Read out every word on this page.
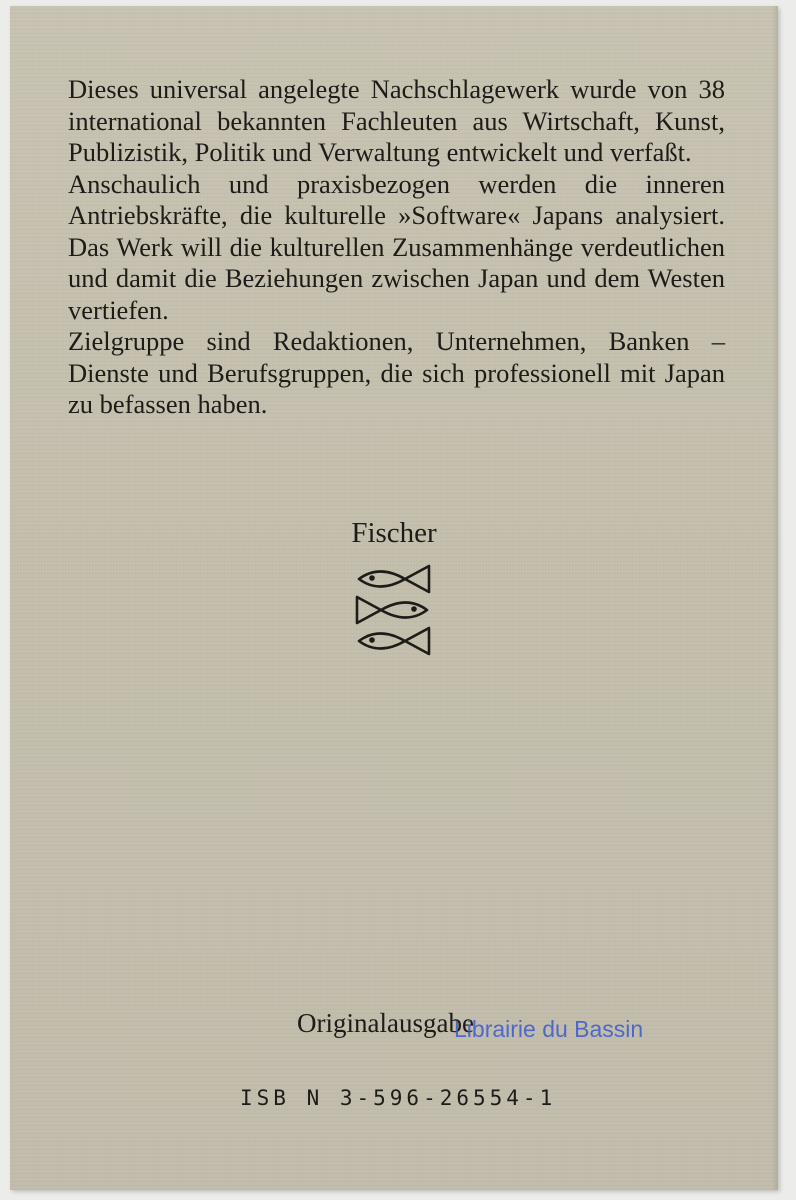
Dieses universal angelegte Nachschlagewerk wurde von 38 international bekannten Fachleuten aus Wirtschaft, Kunst, Publizistik, Politik und Verwaltung entwickelt und verfaßt.

Anschaulich und praxisbezogen werden die inneren Antriebskräfte, die kulturelle »Software« Japans analysiert. Das Werk will die kulturellen Zusammenhänge verdeutlichen und damit die Beziehungen zwischen Japan und dem Westen vertiefen.

Zielgruppe sind Redaktionen, Unternehmen, Banken – Dienste und Berufsgruppen, die sich professionell mit Japan zu befassen haben.

Fischer
Originalausgabe
Librairie du Bassin
ISB N 3-596-26554-1
